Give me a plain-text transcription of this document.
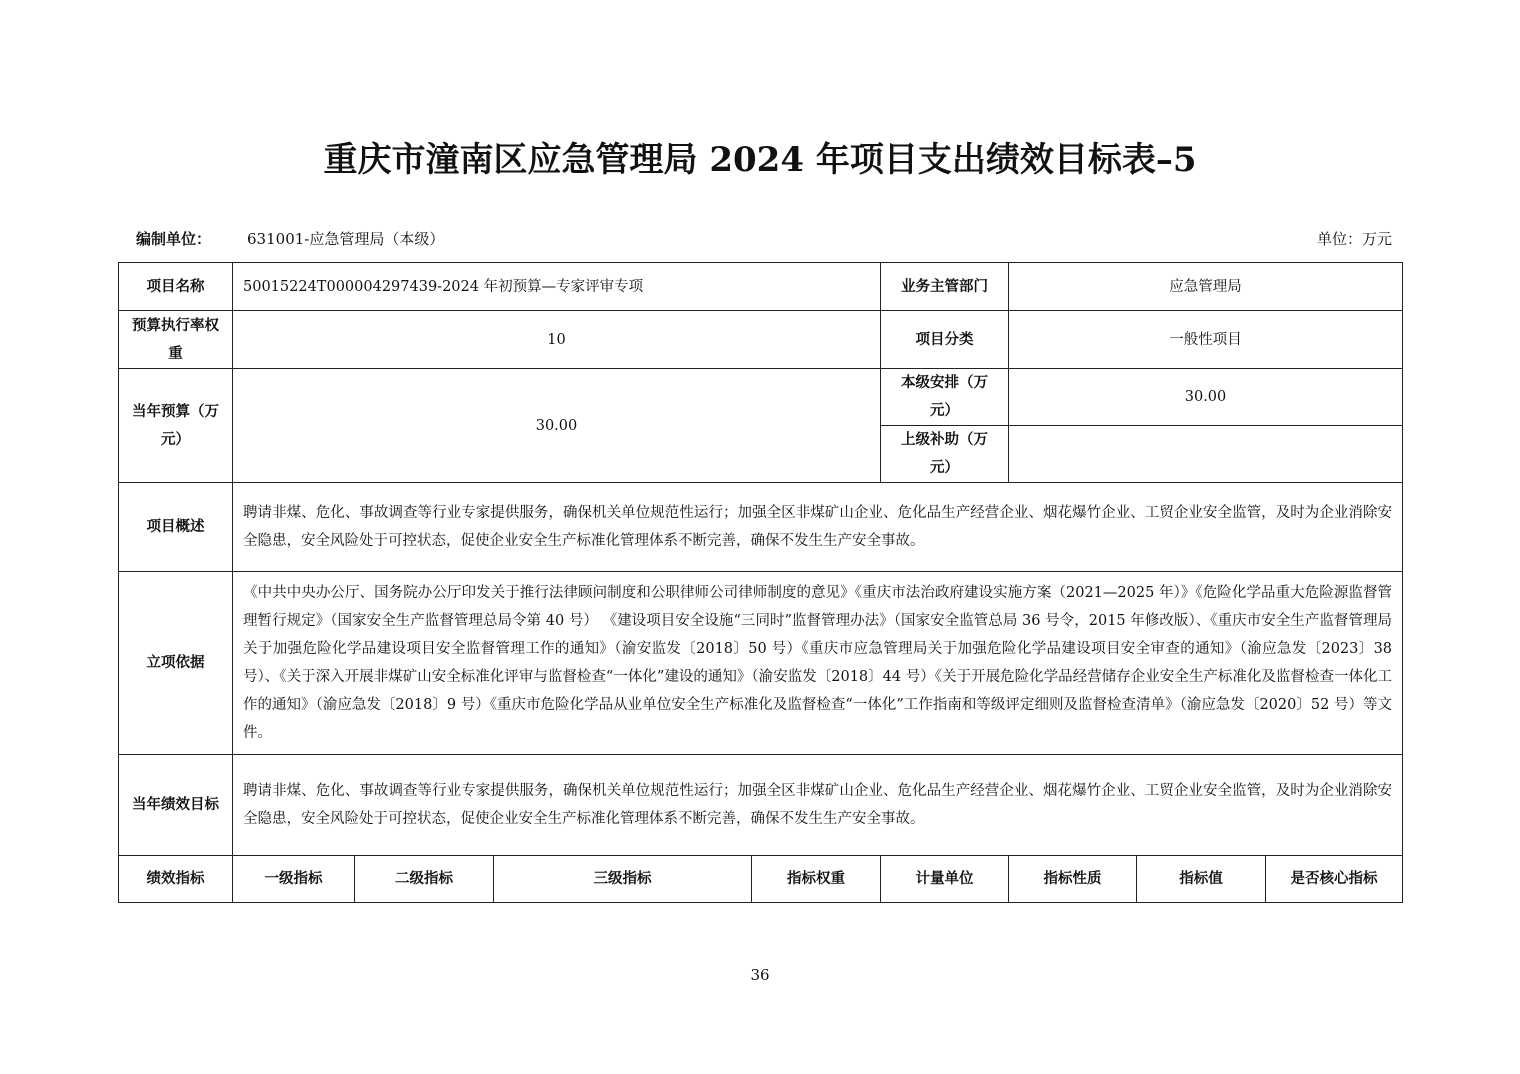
重庆市潼南区应急管理局 2024 年项目支出绩效目标表–5
编制单位： 631001-应急管理局（本级）	单位：万元
项目名称	50015224T000004297439-2024 年初预算—专家评审专项				业务主管部门	应急管理局		
预算执行率权重	10				项目分类	一般性项目		
当年预算（万元）	30.00				本级安排（万元）	30.00		
					上级补助（万元）			
项目概述	聘请非煤、危化、事故调查等行业专家提供服务，确保机关单位规范性运行；加强全区非煤矿山企业、危化品生产经营企业、烟花爆竹企业、工贸企业安全监管，及时为企业消除安全隐患，安全风险处于可控状态，促使企业安全生产标准化管理体系不断完善，确保不发生生产安全事故。							
立项依据	《中共中央办公厅、国务院办公厅印发关于推行法律顾问制度和公职律师公司律师制度的意见》《重庆市法治政府建设实施方案（2021—2025 年）》《危险化学品重大危险源监督管理暂行规定》（国家安全生产监督管理总局令第 40 号） 《建设项目安全设施“三同时”监督管理办法》（国家安全监管总局 36 号令，2015 年修改版）、《重庆市安全生产监督管理局关于加强危险化学品建设项目安全监督管理工作的通知》（渝安监发〔2018〕50 号）《重庆市应急管理局关于加强危险化学品建设项目安全审查的通知》（渝应急发〔2023〕38 号）、《关于深入开展非煤矿山安全标准化评审与监督检查“一体化”建设的通知》（渝安监发〔2018〕44 号）《关于开展危险化学品经营储存企业安全生产标准化及监督检查一体化工作的通知》（渝应急发〔2018〕9 号）《重庆市危险化学品从业单位安全生产标准化及监督检查“一体化”工作指南和等级评定细则及监督检查清单》（渝应急发〔2020〕52 号）等文件。							
当年绩效目标	聘请非煤、危化、事故调查等行业专家提供服务，确保机关单位规范性运行；加强全区非煤矿山企业、危化品生产经营企业、烟花爆竹企业、工贸企业安全监管，及时为企业消除安全隐患，安全风险处于可控状态，促使企业安全生产标准化管理体系不断完善，确保不发生生产安全事故。							
绩效指标	一级指标	二级指标	三级指标	指标权重	计量单位	指标性质	指标值	是否核心指标
36
